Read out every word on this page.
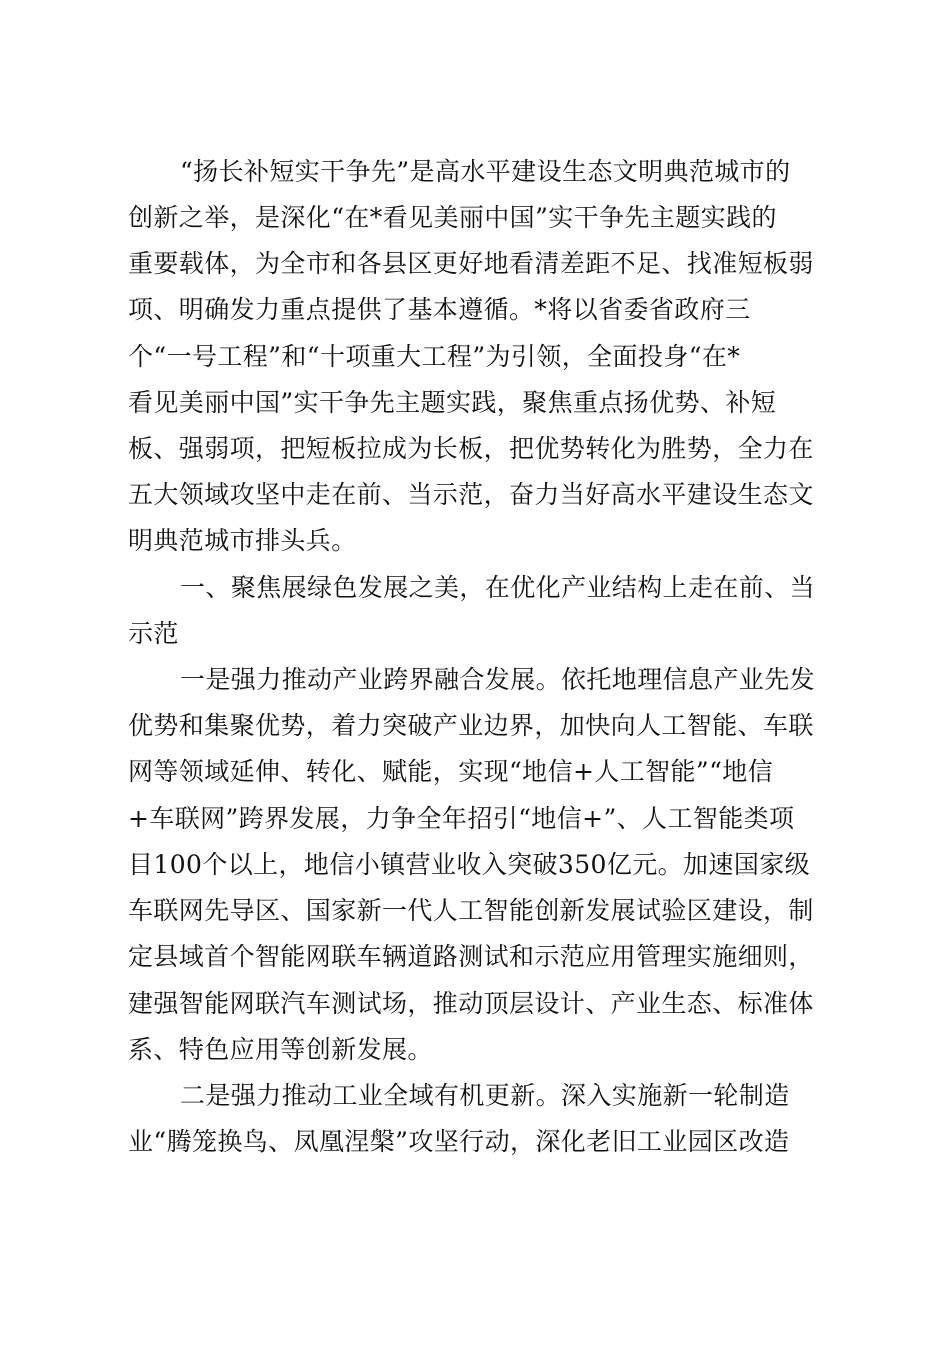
“扬长补短实干争先”是高水平建设生态文明典范城市的
创新之举，是深化“在*看见美丽中国”实干争先主题实践的
重要载体，为全市和各县区更好地看清差距不足、找准短板弱
项、明确发力重点提供了基本遵循。*将以省委省政府三
个“一号工程”和“十项重大工程”为引领，全面投身“在*
看见美丽中国”实干争先主题实践，聚焦重点扬优势、补短
板、强弱项，把短板拉成为长板，把优势转化为胜势，全力在
五大领域攻坚中走在前、当示范，奋力当好高水平建设生态文
明典范城市排头兵。
一、聚焦展绿色发展之美，在优化产业结构上走在前、当
示范
一是强力推动产业跨界融合发展。依托地理信息产业先发
优势和集聚优势，着力突破产业边界，加快向人工智能、车联
网等领域延伸、转化、赋能，实现“地信+人工智能”“地信
+车联网”跨界发展，力争全年招引“地信+”、人工智能类项
目100个以上，地信小镇营业收入突破350亿元。加速国家级
车联网先导区、国家新一代人工智能创新发展试验区建设，制
定县域首个智能网联车辆道路测试和示范应用管理实施细则，
建强智能网联汽车测试场，推动顶层设计、产业生态、标准体
系、特色应用等创新发展。
二是强力推动工业全域有机更新。深入实施新一轮制造
业“腾笼换鸟、凤凰涅槃”攻坚行动，深化老旧工业园区改造
